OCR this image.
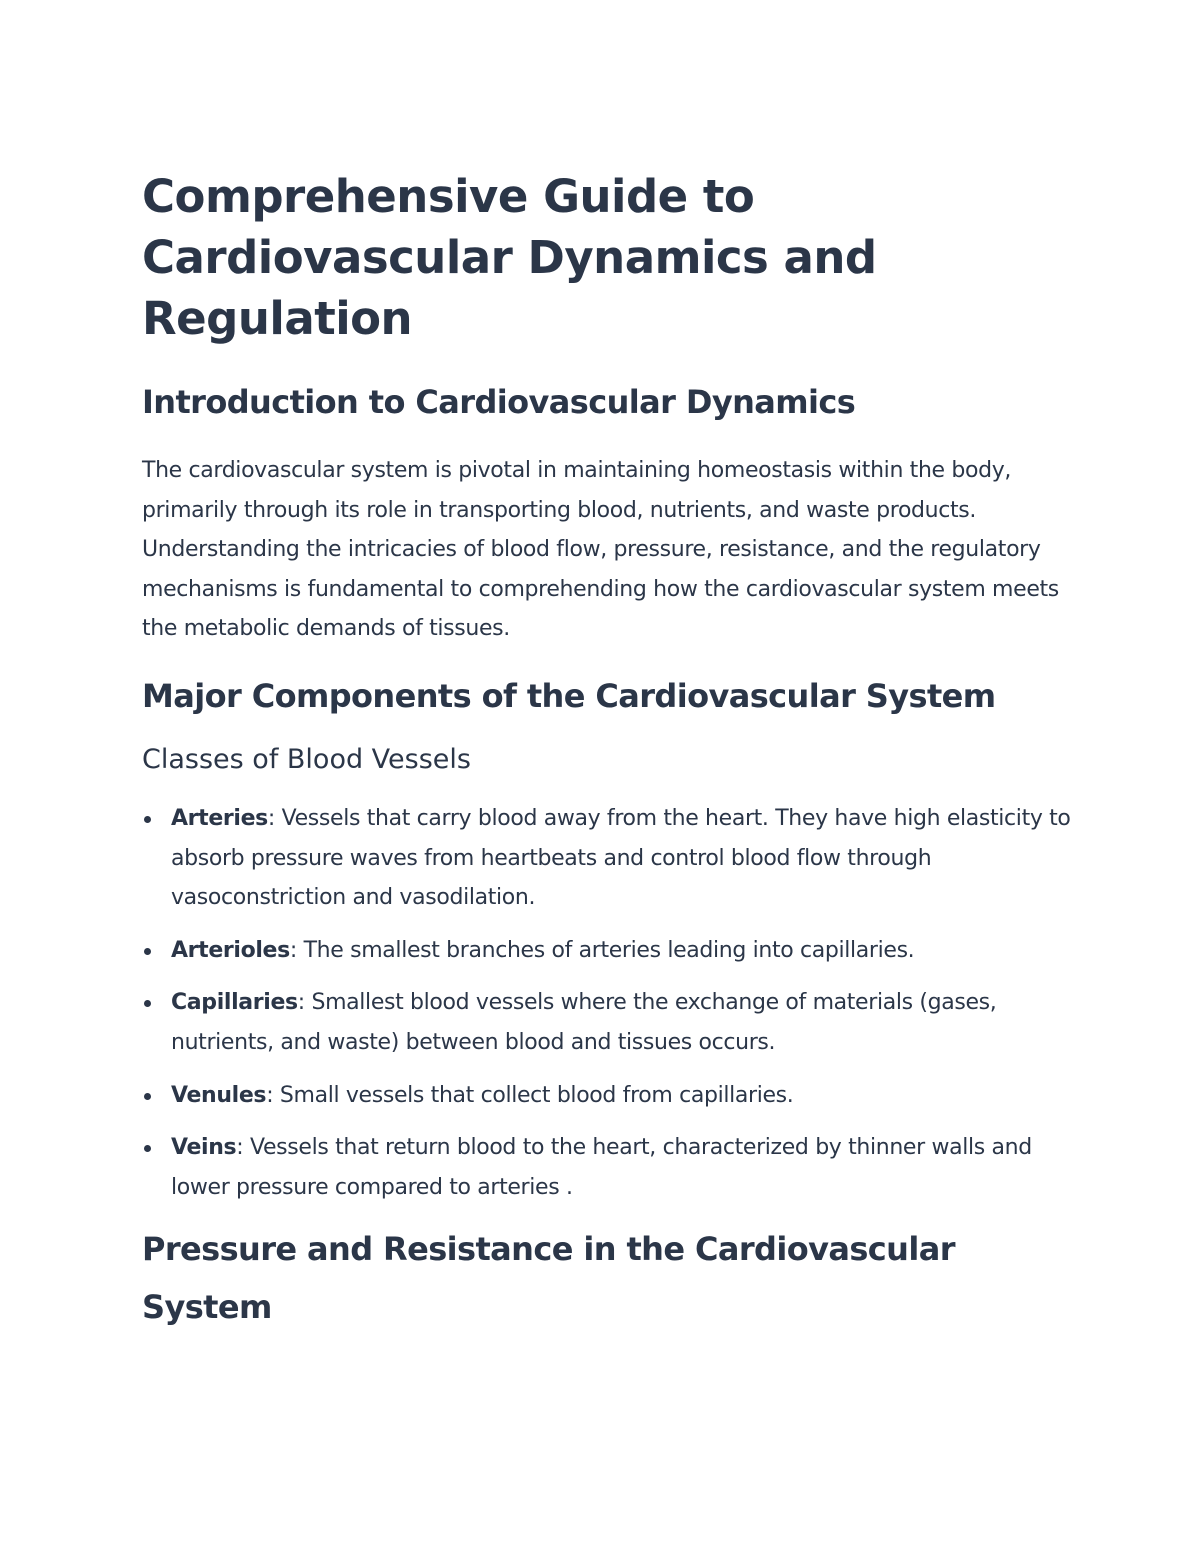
Comprehensive Guide to Cardiovascular Dynamics and Regulation
Introduction to Cardiovascular Dynamics

The cardiovascular system is pivotal in maintaining homeostasis within the body, primarily through its role in transporting blood, nutrients, and waste products. Understanding the intricacies of blood flow, pressure, resistance, and the regulatory mechanisms is fundamental to comprehending how the cardiovascular system meets the metabolic demands of tissues.

Major Components of the Cardiovascular System
Classes of Blood Vessels
Arteries: Vessels that carry blood away from the heart. They have high elasticity to absorb pressure waves from heartbeats and control blood flow through vasoconstriction and vasodilation.
Arterioles: The smallest branches of arteries leading into capillaries.
Capillaries: Smallest blood vessels where the exchange of materials (gases, nutrients, and waste) between blood and tissues occurs.
Venules: Small vessels that collect blood from capillaries.
Veins: Vessels that return blood to the heart, characterized by thinner walls and lower pressure compared to arteries .
Pressure and Resistance in the Cardiovascular System
